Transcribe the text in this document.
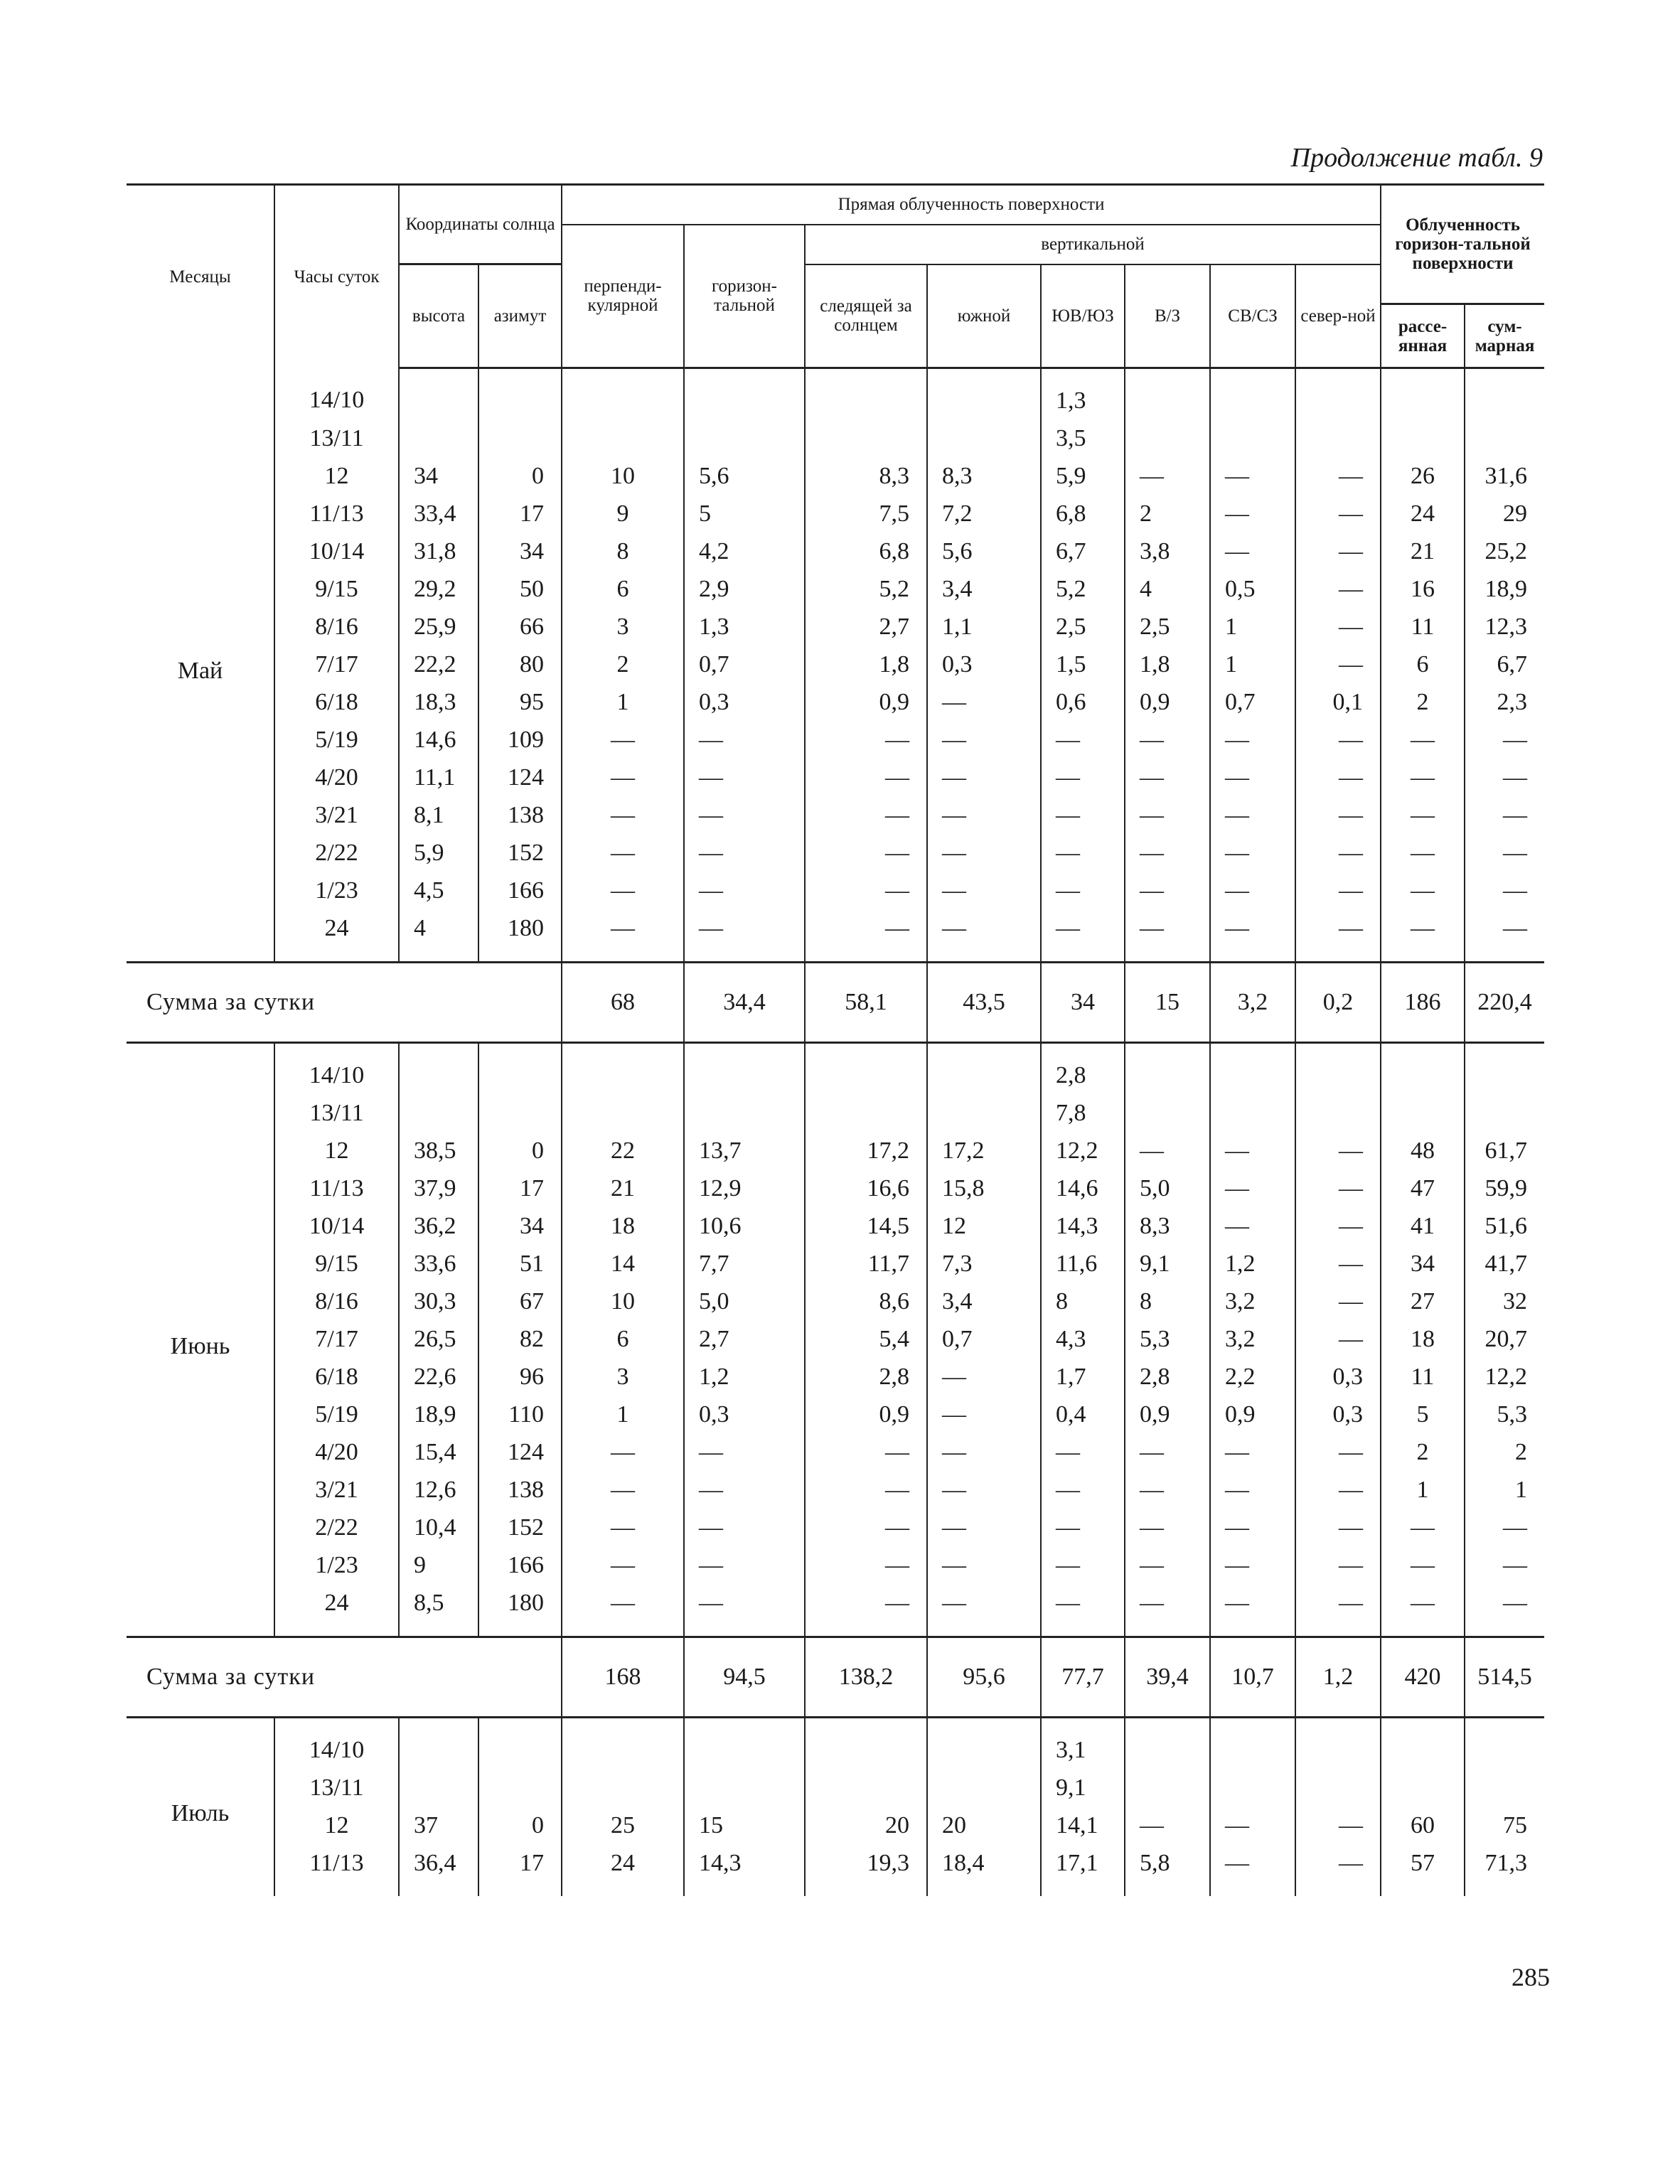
Продолжение табл. 9
Месяцы	Часы суток	Координаты солнца		Прямая облученность поверхности								Облученность горизон-тальной поверхности	
				перпенди-кулярной	горизон-тальной	вертикальной							
		высота	азимут			следящей за солнцем	южной	ЮВ/ЮЗ	В/З	СВ/СЗ	север-ной		
												рассе-янная	сум-марная
Май	14/10							1,3					
	13/11							3,5					
	12	34	0	10	5,6	8,3	8,3	5,9	—	—	—	26	31,6
	11/13	33,4	17	9	5	7,5	7,2	6,8	2	—	—	24	29
	10/14	31,8	34	8	4,2	6,8	5,6	6,7	3,8	—	—	21	25,2
	9/15	29,2	50	6	2,9	5,2	3,4	5,2	4	0,5	—	16	18,9
	8/16	25,9	66	3	1,3	2,7	1,1	2,5	2,5	1	—	11	12,3
	7/17	22,2	80	2	0,7	1,8	0,3	1,5	1,8	1	—	6	6,7
	6/18	18,3	95	1	0,3	0,9	—	0,6	0,9	0,7	0,1	2	2,3
	5/19	14,6	109	—	—	—	—	—	—	—	—	—	—
	4/20	11,1	124	—	—	—	—	—	—	—	—	—	—
	3/21	8,1	138	—	—	—	—	—	—	—	—	—	—
	2/22	5,9	152	—	—	—	—	—	—	—	—	—	—
	1/23	4,5	166	—	—	—	—	—	—	—	—	—	—
	24	4	180	—	—	—	—	—	—	—	—	—	—
Сумма за сутки				68	34,4	58,1	43,5	34	15	3,2	0,2	186	220,4
Июнь	14/10							2,8					
	13/11							7,8					
	12	38,5	0	22	13,7	17,2	17,2	12,2	—	—	—	48	61,7
	11/13	37,9	17	21	12,9	16,6	15,8	14,6	5,0	—	—	47	59,9
	10/14	36,2	34	18	10,6	14,5	12	14,3	8,3	—	—	41	51,6
	9/15	33,6	51	14	7,7	11,7	7,3	11,6	9,1	1,2	—	34	41,7
	8/16	30,3	67	10	5,0	8,6	3,4	8	8	3,2	—	27	32
	7/17	26,5	82	6	2,7	5,4	0,7	4,3	5,3	3,2	—	18	20,7
	6/18	22,6	96	3	1,2	2,8	—	1,7	2,8	2,2	0,3	11	12,2
	5/19	18,9	110	1	0,3	0,9	—	0,4	0,9	0,9	0,3	5	5,3
	4/20	15,4	124	—	—	—	—	—	—	—	—	2	2
	3/21	12,6	138	—	—	—	—	—	—	—	—	1	1
	2/22	10,4	152	—	—	—	—	—	—	—	—	—	—
	1/23	9	166	—	—	—	—	—	—	—	—	—	—
	24	8,5	180	—	—	—	—	—	—	—	—	—	—
Сумма за сутки				168	94,5	138,2	95,6	77,7	39,4	10,7	1,2	420	514,5
Июль	14/10							3,1					
	13/11							9,1					
	12	37	0	25	15	20	20	14,1	—	—	—	60	75
	11/13	36,4	17	24	14,3	19,3	18,4	17,1	5,8	—	—	57	71,3
285
